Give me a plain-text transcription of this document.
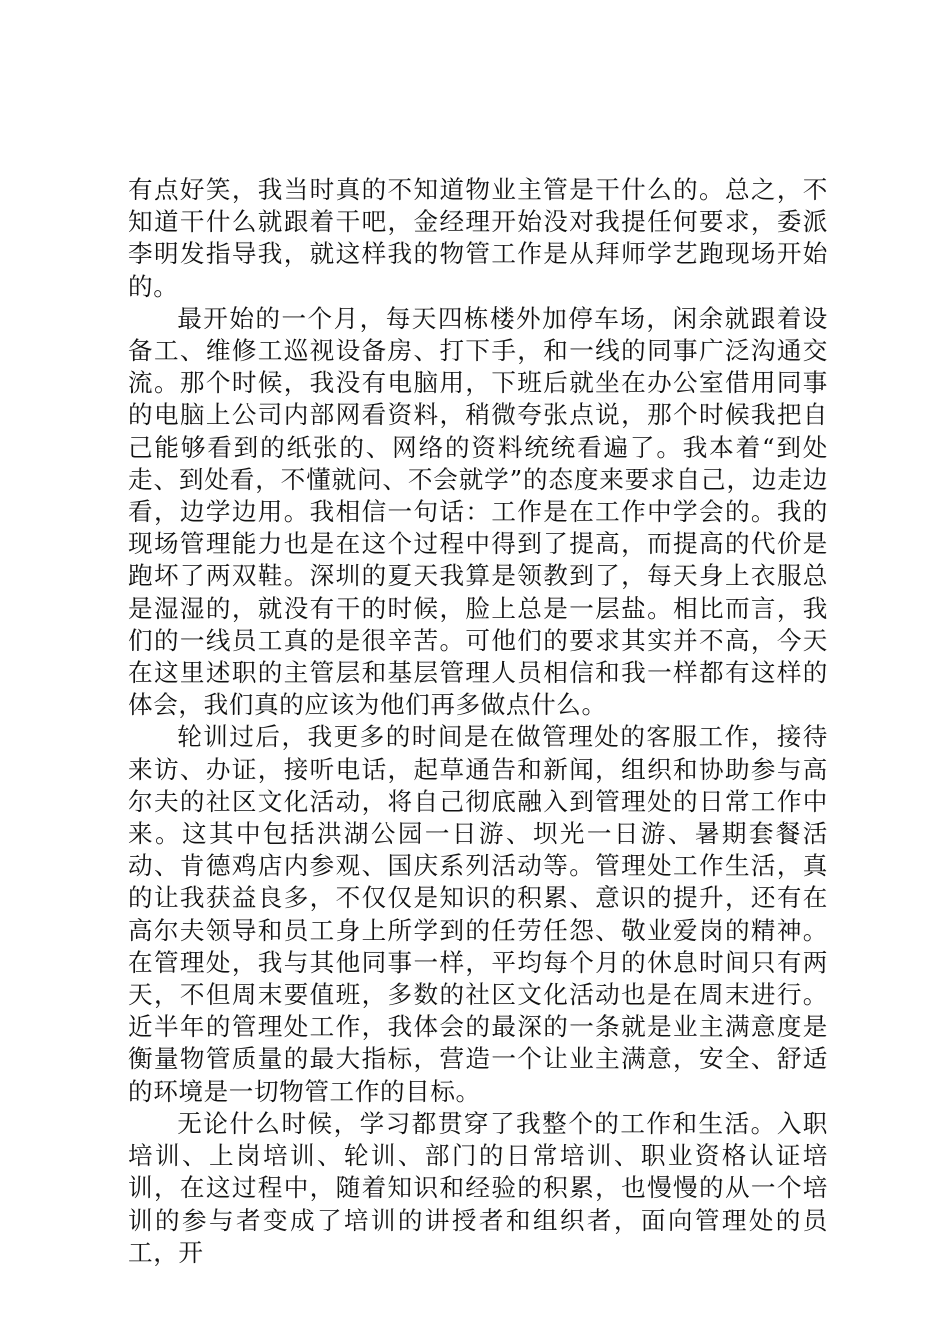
有点好笑，我当时真的不知道物业主管是干什么的。总之，不知道干什么就跟着干吧，金经理开始没对我提任何要求，委派李明发指导我，就这样我的物管工作是从拜师学艺跑现场开始的。

最开始的一个月，每天四栋楼外加停车场，闲余就跟着设备工、维修工巡视设备房、打下手，和一线的同事广泛沟通交流。那个时候，我没有电脑用，下班后就坐在办公室借用同事的电脑上公司内部网看资料，稍微夸张点说，那个时候我把自己能够看到的纸张的、网络的资料统统看遍了。我本着“到处走、到处看，不懂就问、不会就学”的态度来要求自己，边走边看，边学边用。我相信一句话：工作是在工作中学会的。我的现场管理能力也是在这个过程中得到了提高，而提高的代价是跑坏了两双鞋。深圳的夏天我算是领教到了，每天身上衣服总是湿湿的，就没有干的时候，脸上总是一层盐。相比而言，我们的一线员工真的是很辛苦。可他们的要求其实并不高，今天在这里述职的主管层和基层管理人员相信和我一样都有这样的体会，我们真的应该为他们再多做点什么。

轮训过后，我更多的时间是在做管理处的客服工作，接待来访、办证，接听电话，起草通告和新闻，组织和协助参与高尔夫的社区文化活动，将自己彻底融入到管理处的日常工作中来。这其中包括洪湖公园一日游、坝光一日游、暑期套餐活动、肯德鸡店内参观、国庆系列活动等。管理处工作生活，真的让我获益良多，不仅仅是知识的积累、意识的提升，还有在高尔夫领导和员工身上所学到的任劳任怨、敬业爱岗的精神。在管理处，我与其他同事一样，平均每个月的休息时间只有两天，不但周末要值班，多数的社区文化活动也是在周末进行。近半年的管理处工作，我体会的最深的一条就是业主满意度是衡量物管质量的最大指标，营造一个让业主满意，安全、舒适的环境是一切物管工作的目标。

无论什么时候，学习都贯穿了我整个的工作和生活。入职培训、上岗培训、轮训、部门的日常培训、职业资格认证培训，在这过程中，随着知识和经验的积累，也慢慢的从一个培训的参与者变成了培训的讲授者和组织者，面向管理处的员工，开
